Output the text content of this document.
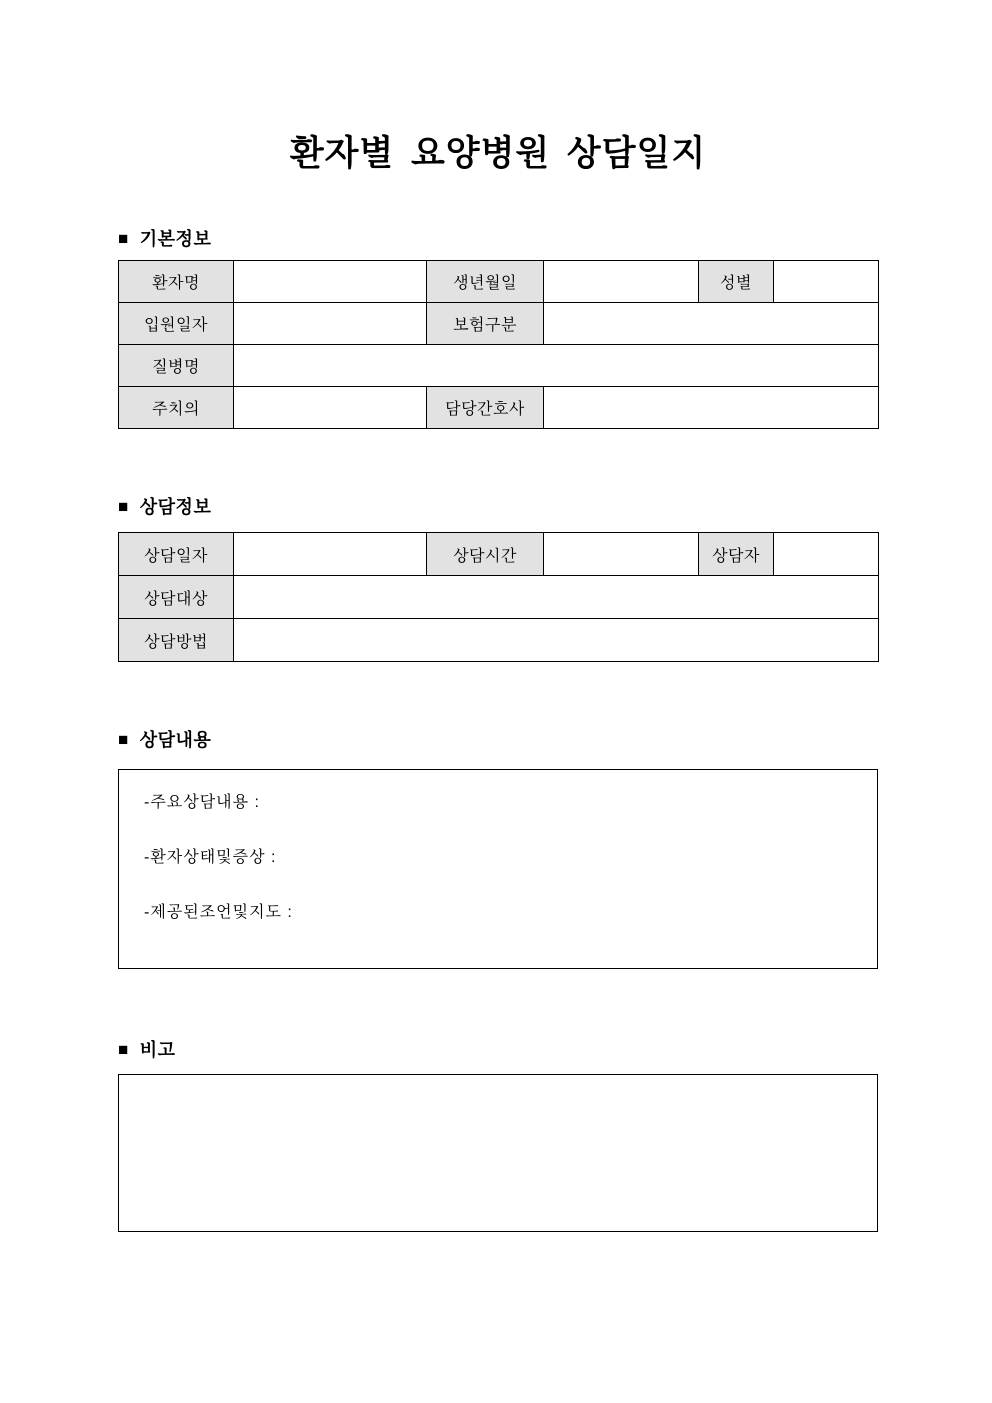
환자별 요양병원 상담일지
■ 기본정보
환자명		생년월일		성별	
입원일자		보험구분			
질병명					
주치의		담당간호사			
■ 상담정보
상담일자		상담시간		상담자	
상담대상					
상담방법					
■ 상담내용
-주요상담내용 :
-환자상태및증상 :
-제공된조언및지도 :
■ 비고
